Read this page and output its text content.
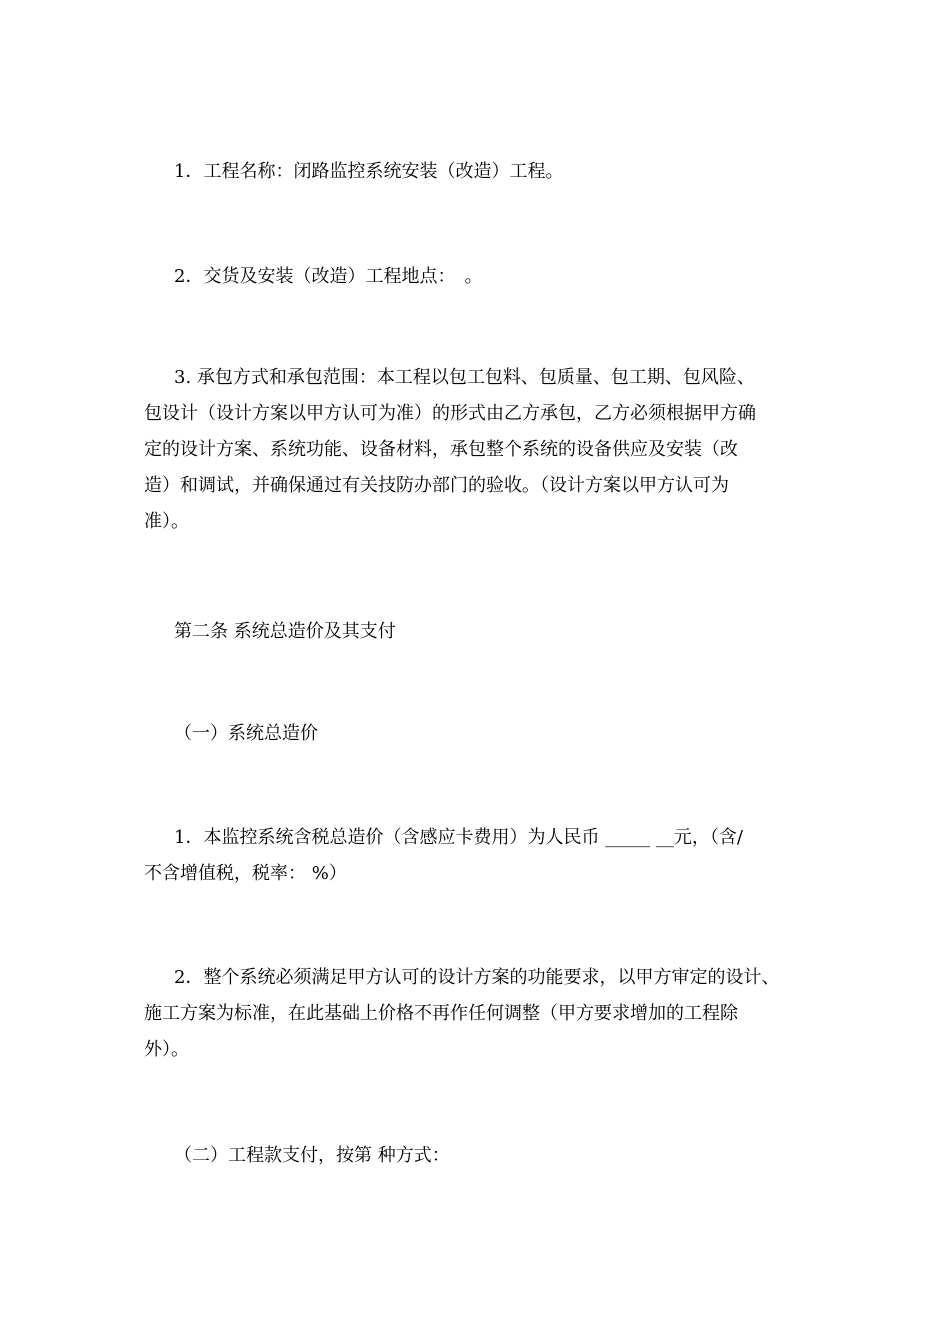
1．工程名称：闭路监控系统安装（改造）工程。
2．交货及安装（改造）工程地点：　。
3. 承包方式和承包范围：本工程以包工包料、包质量、包工期、包风险、
包设计（设计方案以甲方认可为准）的形式由乙方承包，乙方必须根据甲方确
定的设计方案、系统功能、设备材料，承包整个系统的设备供应及安装（改
造）和调试，并确保通过有关技防办部门的验收。（设计方案以甲方认可为
准）。
第二条 系统总造价及其支付
（一）系统总造价
1．本监控系统含税总造价（含感应卡费用）为人民币 _____ __元，（含/
不含增值税，税率： %）
2．整个系统必须满足甲方认可的设计方案的功能要求，以甲方审定的设计、
施工方案为标准，在此基础上价格不再作任何调整（甲方要求增加的工程除
外）。
（二）工程款支付，按第 种方式：
